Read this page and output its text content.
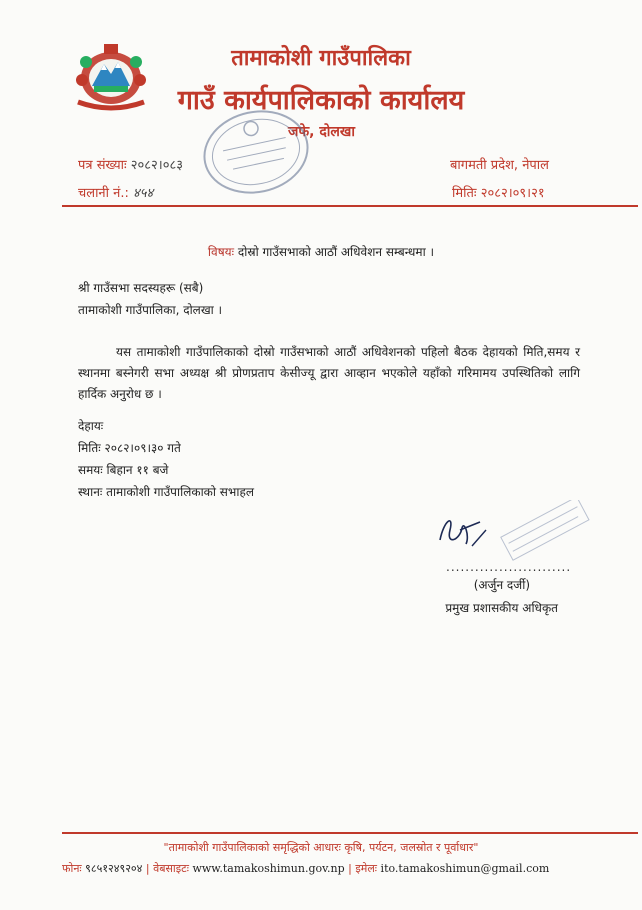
तामाकोशी गाउँपालिका
गाउँ कार्यपालिकाको कार्यालय
जफे, दोलखा
पत्र संख्याः २०८२।०८३
चलानी नं.: ४५४
बागमती प्रदेश, नेपाल
मितिः २०८२।०९।२१
विषयः दोस्रो गाउँसभाको आठौं अधिवेशन सम्बन्धमा ।
श्री गाउँसभा सदस्यहरू (सबै)
तामाकोशी गाउँपालिका, दोलखा ।

यस तामाकोशी गाउँपालिकाको दोस्रो गाउँसभाको आठौं अधिवेशनको पहिलो बैठक देहायको मिति,समय र स्थानमा बस्नेगरी सभा अध्यक्ष श्री प्रोणप्रताप केसीज्यू द्वारा आव्हान भएकोले यहाँको गरिमामय उपस्थितिको लागि हार्दिक अनुरोध छ ।

देहायः
मितिः २०८२।०९।३० गते
समयः बिहान ११ बजे
स्थानः तामाकोशी गाउँपालिकाको सभाहल
..........................
(अर्जुन दर्जी)
प्रमुख प्रशासकीय अधिकृत
"तामाकोशी गाउँपालिकाको समृद्धिको आधारः कृषि, पर्यटन, जलस्रोत र पूर्वाधार"
फोनः ९८५१२४९२०४ | वेबसाइटः www.tamakoshimun.gov.np | इमेलः ito.tamakoshimun@gmail.com
